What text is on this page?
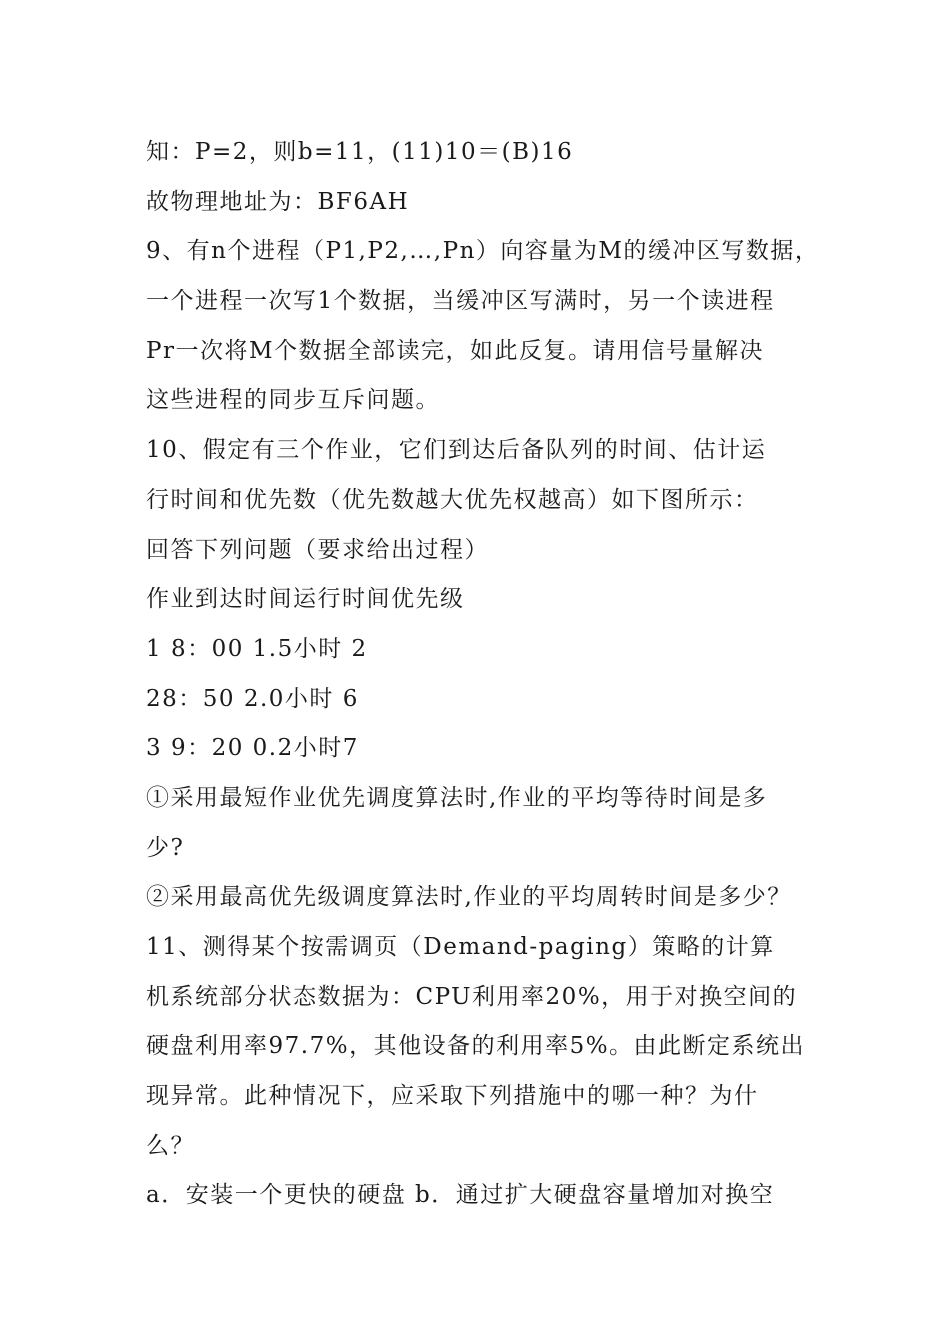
知：P=2，则b=11，(11)10＝(B)16
故物理地址为：BF6AH
9、有n个进程（P1,P2,…,Pn）向容量为M的缓冲区写数据，
一个进程一次写1个数据，当缓冲区写满时，另一个读进程
Pr一次将M个数据全部读完，如此反复。请用信号量解决
这些进程的同步互斥问题。
10、假定有三个作业，它们到达后备队列的时间、估计运
行时间和优先数（优先数越大优先权越高）如下图所示：
回答下列问题（要求给出过程）
作业到达时间运行时间优先级
1 8：00 1.5小时 2
28：50 2.0小时 6
3 9：20 0.2小时7
①采用最短作业优先调度算法时,作业的平均等待时间是多
少?
②采用最高优先级调度算法时,作业的平均周转时间是多少？
11、测得某个按需调页（Demand-paging）策略的计算
机系统部分状态数据为：CPU利用率20%，用于对换空间的
硬盘利用率97.7%，其他设备的利用率5%。由此断定系统出
现异常。此种情况下，应采取下列措施中的哪一种？为什
么？
a．安装一个更快的硬盘 b．通过扩大硬盘容量增加对换空
